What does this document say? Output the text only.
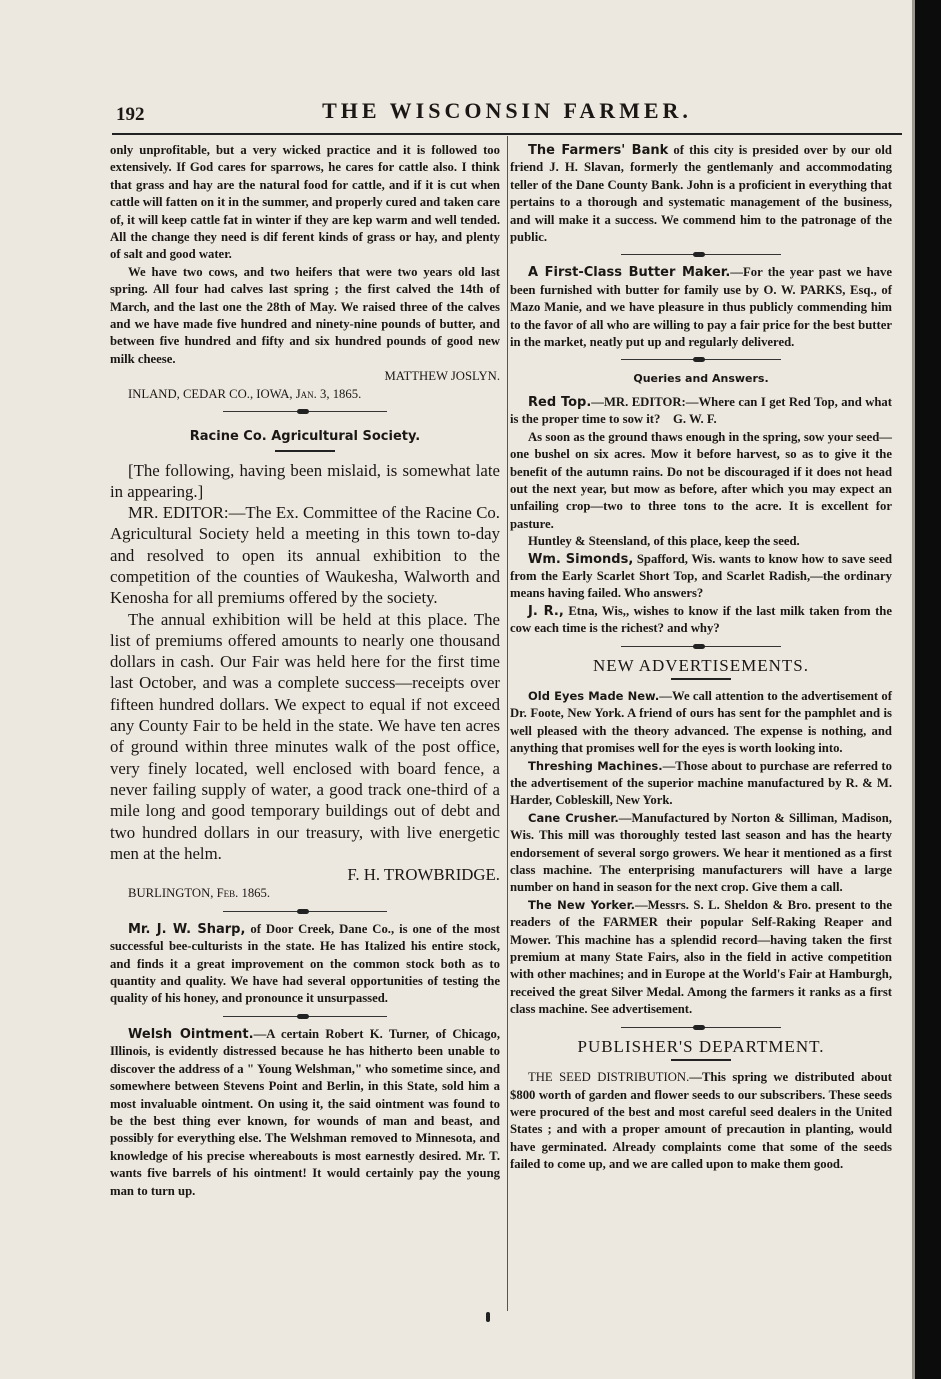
192	THE WISCONSIN FARMER.

only unprofitable, but a very wicked practice and it is followed too extensively. If God cares for sparrows, he cares for cattle also. I think that grass and hay are the natural food for cattle, and if it is cut when cattle will fatten on it in the summer, and properly cured and taken care of, it will keep cattle fat in winter if they are kep warm and well tended. All the change they need is dif ferent kinds of grass or hay, and plenty of salt and good water.

We have two cows, and two heifers that were two years old last spring. All four had calves last spring ; the first calved the 14th of March, and the last one the 28th of May. We raised three of the calves and we have made five hundred and ninety-nine pounds of butter, and between five hundred and fifty and six hundred pounds of good new milk cheese.

MATTHEW JOSLYN.

INLAND, CEDAR CO., IOWA, Jan. 3, 1865.

Racine Co. Agricultural Society.

[The following, having been mislaid, is somewhat late in appearing.]

MR. EDITOR:—The Ex. Committee of the Racine Co. Agricultural Society held a meeting in this town to-day and resolved to open its annual exhibition to the competition of the counties of Waukesha, Walworth and Kenosha for all premiums offered by the society.

The annual exhibition will be held at this place. The list of premiums offered amounts to nearly one thousand dollars in cash. Our Fair was held here for the first time last October, and was a complete success—receipts over fifteen hundred dollars. We expect to equal if not exceed any County Fair to be held in the state. We have ten acres of ground within three minutes walk of the post office, very finely located, well enclosed with board fence, a never failing supply of water, a good track one-third of a mile long and good temporary buildings out of debt and two hundred dollars in our treasury, with live energetic men at the helm.

F. H. TROWBRIDGE.

BURLINGTON, Feb. 1865.

Mr. J. W. Sharp, of Door Creek, Dane Co., is one of the most successful bee-culturists in the state. He has Italized his entire stock, and finds it a great improvement on the common stock both as to quantity and quality. We have had several opportunities of testing the quality of his honey, and pronounce it unsurpassed.

Welsh Ointment.—A certain Robert K. Turner, of Chicago, Illinois, is evidently distressed because he has hitherto been unable to discover the address of a " Young Welshman," who sometime since, and somewhere between Stevens Point and Berlin, in this State, sold him a most invaluable ointment. On using it, the said ointment was found to be the best thing ever known, for wounds of man and beast, and possibly for everything else. The Welshman removed to Minnesota, and knowledge of his precise whereabouts is most earnestly desired. Mr. T. wants five barrels of his ointment! It would certainly pay the young man to turn up.

The Farmers' Bank of this city is presided over by our old friend J. H. Slavan, formerly the gentlemanly and accommodating teller of the Dane County Bank. John is a proficient in everything that pertains to a thorough and systematic management of the business, and will make it a success. We commend him to the patronage of the public.

A First-Class Butter Maker.—For the year past we have been furnished with butter for family use by O. W. PARKS, Esq., of Mazo Manie, and we have pleasure in thus publicly commending him to the favor of all who are willing to pay a fair price for the best butter in the market, neatly put up and regularly delivered.

Queries and Answers.

Red Top.—MR. EDITOR:—Where can I get Red Top, and what is the proper time to sow it? G. W. F.

As soon as the ground thaws enough in the spring, sow your seed—one bushel on six acres. Mow it before harvest, so as to give it the benefit of the autumn rains. Do not be discouraged if it does not head out the next year, but mow as before, after which you may expect an unfailing crop—two to three tons to the acre. It is excellent for pasture.

Huntley & Steensland, of this place, keep the seed.

Wm. Simonds, Spafford, Wis. wants to know how to save seed from the Early Scarlet Short Top, and Scarlet Radish,—the ordinary means having failed. Who answers?

J. R., Etna, Wis,, wishes to know if the last milk taken from the cow each time is the richest? and why?

NEW ADVERTISEMENTS.

Old Eyes Made New.—We call attention to the advertisement of Dr. Foote, New York. A friend of ours has sent for the pamphlet and is well pleased with the theory advanced. The expense is nothing, and anything that promises well for the eyes is worth looking into.

Threshing Machines.—Those about to purchase are referred to the advertisement of the superior machine manufactured by R. & M. Harder, Cobleskill, New York.

Cane Crusher.—Manufactured by Norton & Silliman, Madison, Wis. This mill was thoroughly tested last season and has the hearty endorsement of several sorgo growers. We hear it mentioned as a first class machine. The enterprising manufacturers will have a large number on hand in season for the next crop. Give them a call.

The New Yorker.—Messrs. S. L. Sheldon & Bro. present to the readers of the FARMER their popular Self-Raking Reaper and Mower. This machine has a splendid record—having taken the first premium at many State Fairs, also in the field in active competition with other machines; and in Europe at the World's Fair at Hamburgh, received the great Silver Medal. Among the farmers it ranks as a first class machine. See advertisement.

PUBLISHER'S DEPARTMENT.

THE SEED DISTRIBUTION.—This spring we distributed about $800 worth of garden and flower seeds to our subscribers. These seeds were procured of the best and most careful seed dealers in the United States ; and with a proper amount of precaution in planting, would have germinated. Already complaints come that some of the seeds failed to come up, and we are called upon to make them good.
